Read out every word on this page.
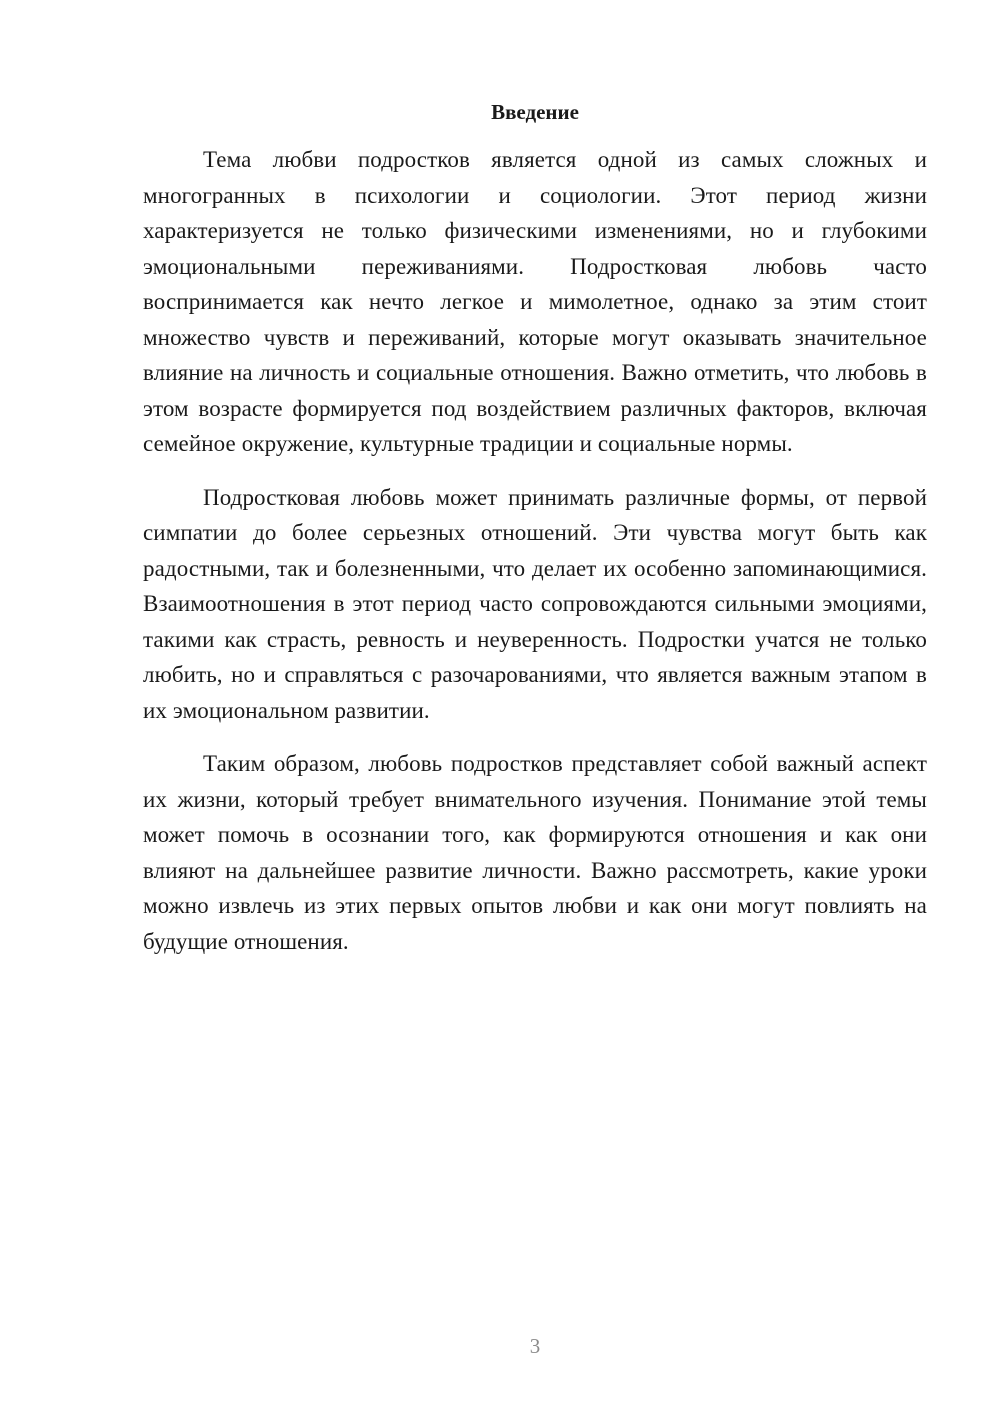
Введение

Тема любви подростков является одной из самых сложных и многогранных в психологии и социологии. Этот период жизни характеризуется не только физическими изменениями, но и глубокими эмоциональными переживаниями. Подростковая любовь часто воспринимается как нечто легкое и мимолетное, однако за этим стоит множество чувств и переживаний, которые могут оказывать значительное влияние на личность и социальные отношения. Важно отметить, что любовь в этом возрасте формируется под воздействием различных факторов, включая семейное окружение, культурные традиции и социальные нормы.

Подростковая любовь может принимать различные формы, от первой симпатии до более серьезных отношений. Эти чувства могут быть как радостными, так и болезненными, что делает их особенно запоминающимися. Взаимоотношения в этот период часто сопровождаются сильными эмоциями, такими как страсть, ревность и неуверенность. Подростки учатся не только любить, но и справляться с разочарованиями, что является важным этапом в их эмоциональном развитии.

Таким образом, любовь подростков представляет собой важный аспект их жизни, который требует внимательного изучения. Понимание этой темы может помочь в осознании того, как формируются отношения и как они влияют на дальнейшее развитие личности. Важно рассмотреть, какие уроки можно извлечь из этих первых опытов любви и как они могут повлиять на будущие отношения.

3
